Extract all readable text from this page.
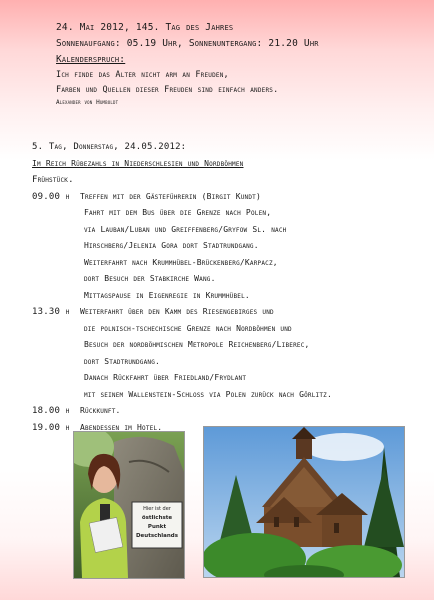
24. Mai 2012, 145. Tag des Jahres
Sonnenaufgang: 05.19 Uhr, Sonnenuntergang: 21.20 Uhr
Kalenderspruch:
Ich finde das Alter nicht arm an Freuden,
Farben und Quellen dieser Freuden sind einfach anders.
Alexander von Humboldt
5. Tag, Donnerstag, 24.05.2012:
Im Reich Rübezahls in Niederschlesien und Nordböhmen
Frühstück.
09.00 h Treffen mit der Gästeführerin (Birgit Kundt)
Fahrt mit dem Bus über die Grenze nach Polen,
via Lauban/Luban und Greiffenberg/Gryfow Sl. nach
Hirschberg/Jelenia Gora dort Stadtrundgang.
Weiterfahrt nach Krummhübel-Brückenberg/Karpacz,
dort Besuch der Stabkirche Wang.
Mittagspause in Eigenregie in Krummhübel.
13.30 h Weiterfahrt über den Kamm des Riesengebirges und
die polnisch-tschechische Grenze nach Nordböhmen und
Besuch der nordböhmischen Metropole Reichenberg/Liberec,
dort Stadtrundgang.
Danach Rückfahrt über Friedland/Frydlant
mit seinem Wallenstein-Schloß via Polen zurück nach Görlitz.
18.00 h Rückkunft.
19.00 h Abendessen im Hotel.
Hier ist der
östlichste Punkt
Deutschlands
